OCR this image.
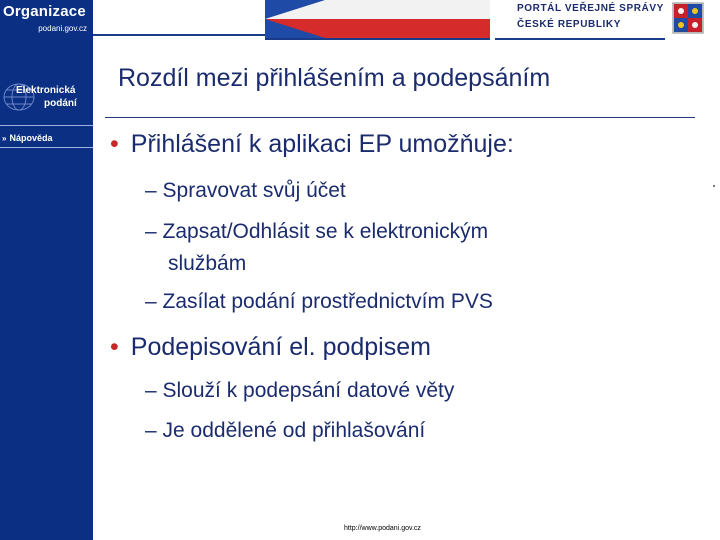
Organizace
podani.gov.cz
PORTÁL VEŘEJNÉ SPRÁVY
ČESKÉ REPUBLIKY
Elektronická
podání
» Nápověda
Rozdíl mezi přihlášením a podepsáním
• Přihlášení k aplikaci EP umožňuje:
– Spravovat svůj účet
– Zapsat/Odhlásit se k elektronickým
službám
– Zasílat podání prostřednictvím PVS
• Podepisování el. podpisem
– Slouží k podepsání datové věty
– Je oddělené od přihlašování
http://www.podani.gov.cz
